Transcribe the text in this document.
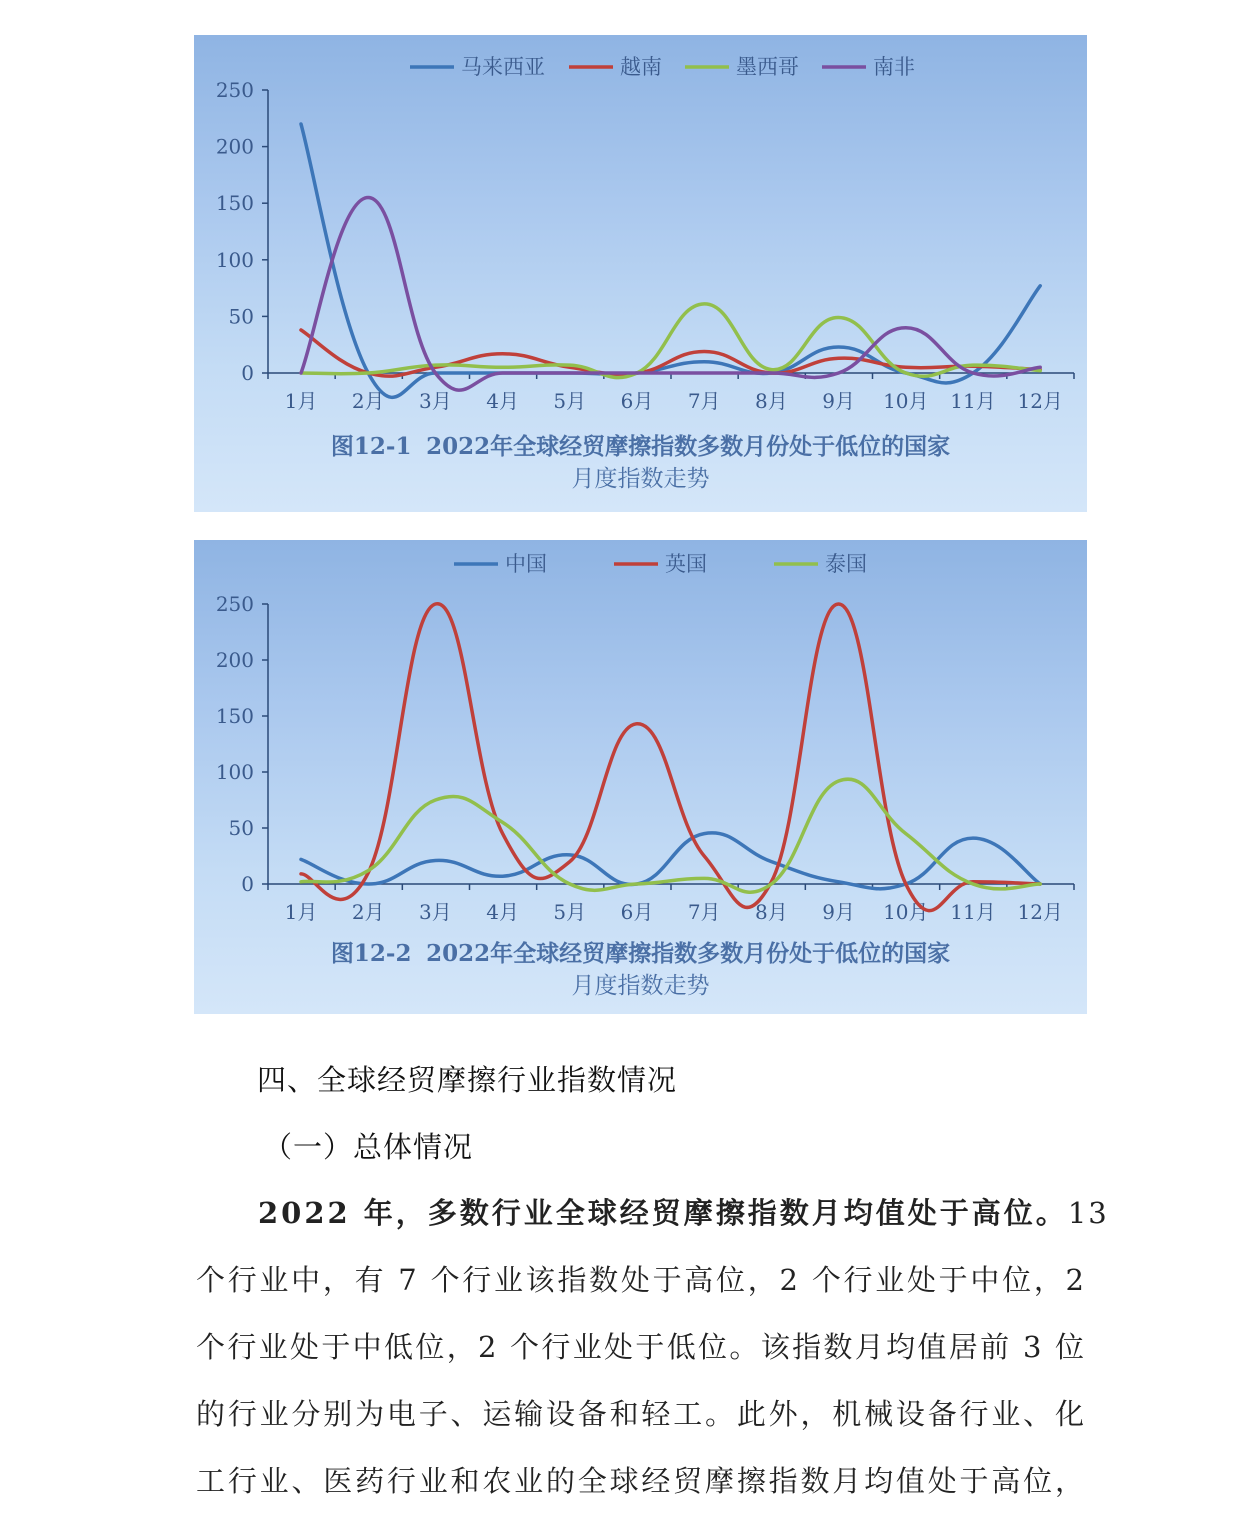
0
50
100
150
200
250
1月 2月 3月 4月 5月 6月 7月 8月 9月 10月 11月 12月
马来西亚	越南	墨西哥	南非
图12-1 2022年全球经贸摩擦指数多数月份处于低位的国家
月度指数走势
0
50
100
150
200
250
1月 2月 3月 4月 5月 6月 7月 8月 9月 10月 11月 12月
中国	英国	泰国
图12-2 2022年全球经贸摩擦指数多数月份处于低位的国家
月度指数走势
四、全球经贸摩擦行业指数情况
（一）总体情况
2022 年，多数行业全球经贸摩擦指数月均值处于高位。13
个行业中，有 7 个行业该指数处于高位，2 个行业处于中位，2
个行业处于中低位，2 个行业处于低位。该指数月均值居前 3 位
的行业分别为电子、运输设备和轻工。此外，机械设备行业、化
工行业、医药行业和农业的全球经贸摩擦指数月均值处于高位，
